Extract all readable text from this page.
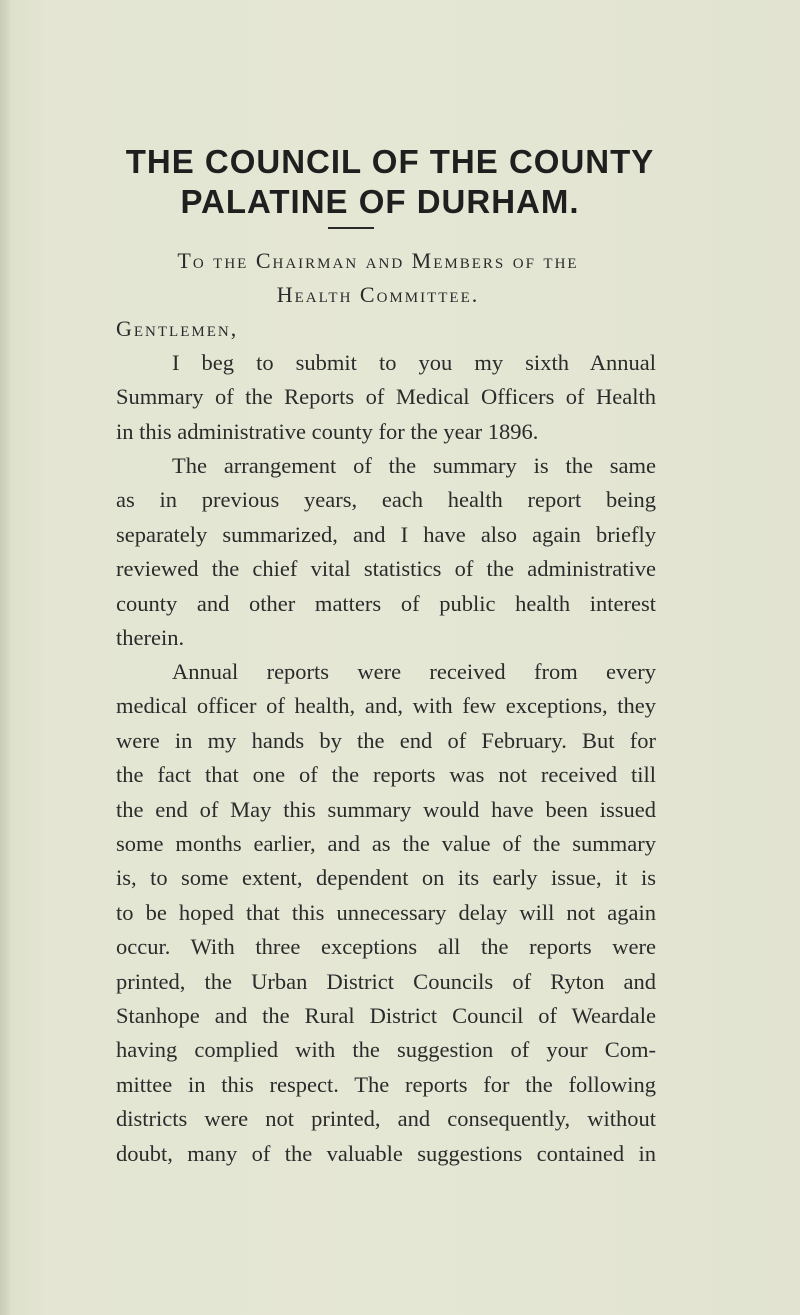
THE COUNCIL OF THE COUNTY
PALATINE OF DURHAM.
To the Chairman and Members of the
Health Committee.
Gentlemen,
I beg to submit to you my sixth Annual
Summary of the Reports of Medical Officers of Health
in this administrative county for the year 1896.
The arrangement of the summary is the same
as in previous years, each health report being
separately summarized, and I have also again briefly
reviewed the chief vital statistics of the administrative
county and other matters of public health interest
therein.
Annual reports were received from every
medical officer of health, and, with few exceptions, they
were in my hands by the end of February. But for
the fact that one of the reports was not received till
the end of May this summary would have been issued
some months earlier, and as the value of the summary
is, to some extent, dependent on its early issue, it is
to be hoped that this unnecessary delay will not again
occur. With three exceptions all the reports were
printed, the Urban District Councils of Ryton and
Stanhope and the Rural District Council of Weardale
having complied with the suggestion of your Com-
mittee in this respect. The reports for the following
districts were not printed, and consequently, without
doubt, many of the valuable suggestions contained in
